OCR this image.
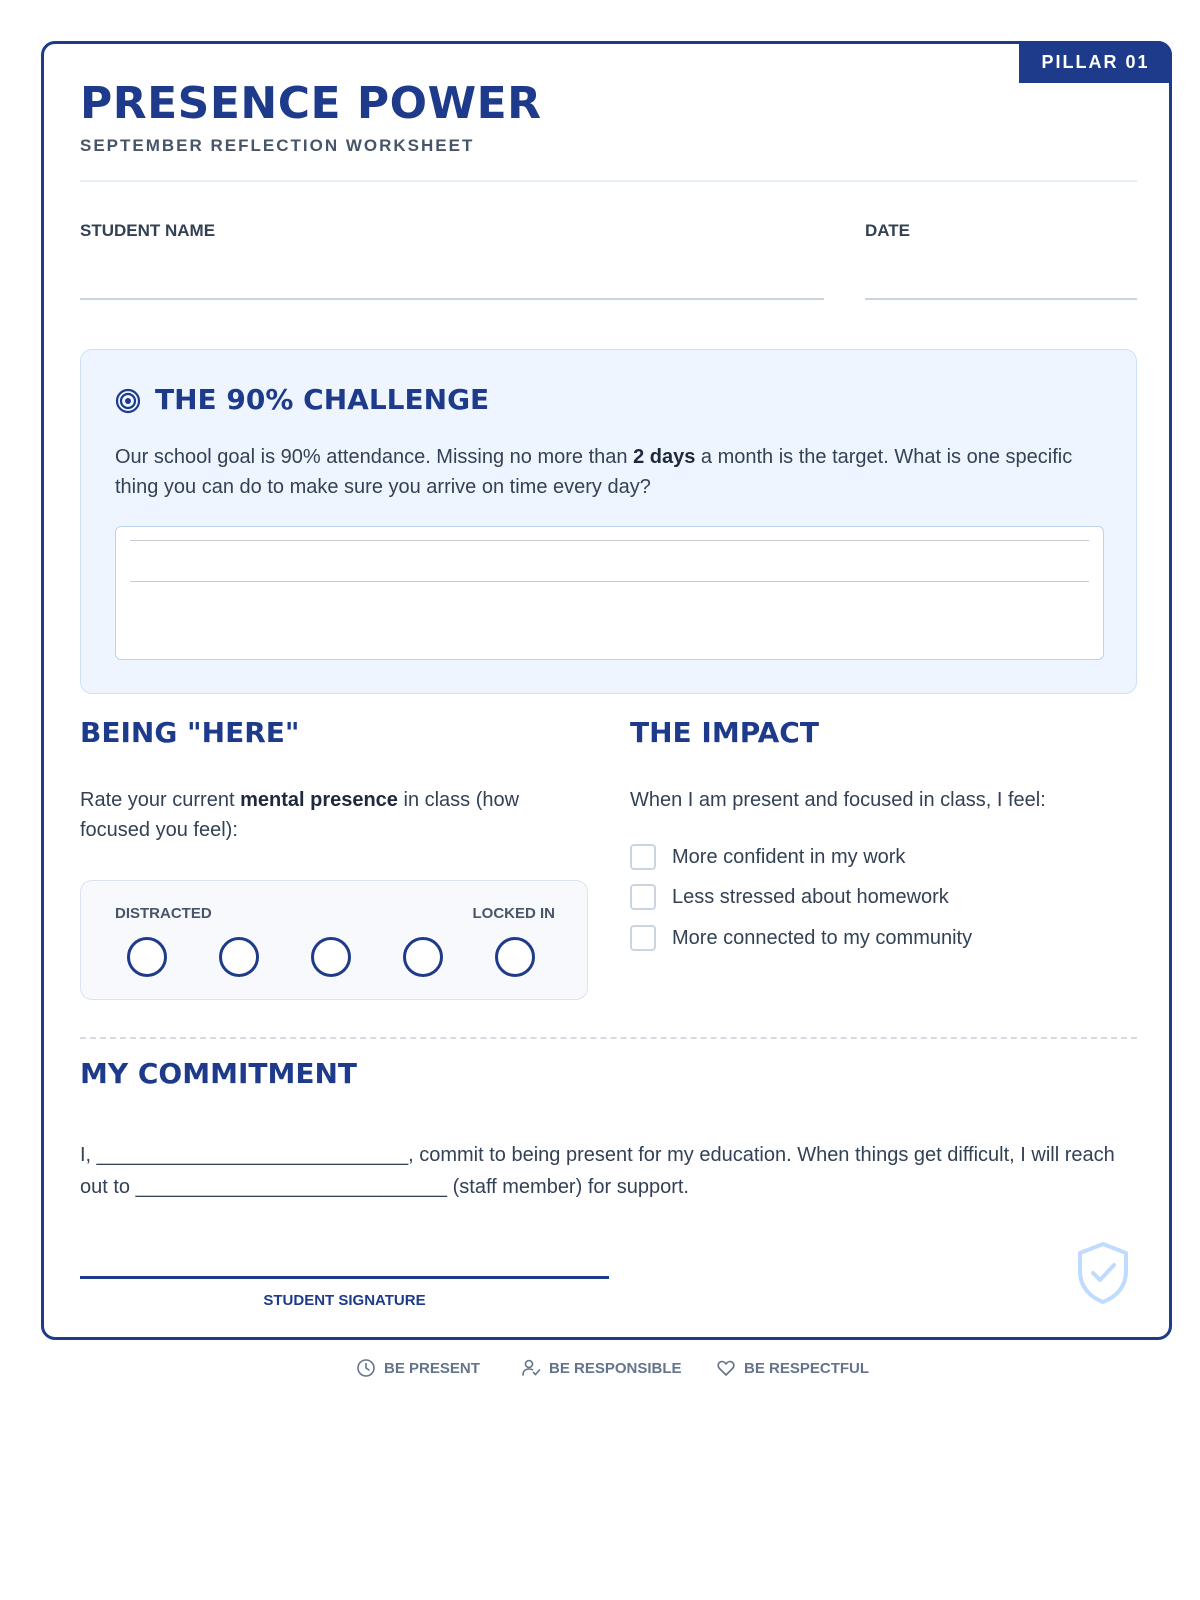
PILLAR 01
PRESENCE POWER
SEPTEMBER REFLECTION WORKSHEET
STUDENT NAME	DATE
THE 90% CHALLENGE
Our school goal is 90% attendance. Missing no more than 2 days a month is the target. What is one specific thing you can do to make sure you arrive on time every day?
BEING "HERE"
Rate your current mental presence in class (how focused you feel):
DISTRACTED	LOCKED IN
THE IMPACT
When I am present and focused in class, I feel:
More confident in my work
Less stressed about homework
More connected to my community
MY COMMITMENT
I, ____________________________, commit to being present for my education. When things get difficult, I will reach out to ____________________________ (staff member) for support.
STUDENT SIGNATURE
BE PRESENT	BE RESPONSIBLE	BE RESPECTFUL
